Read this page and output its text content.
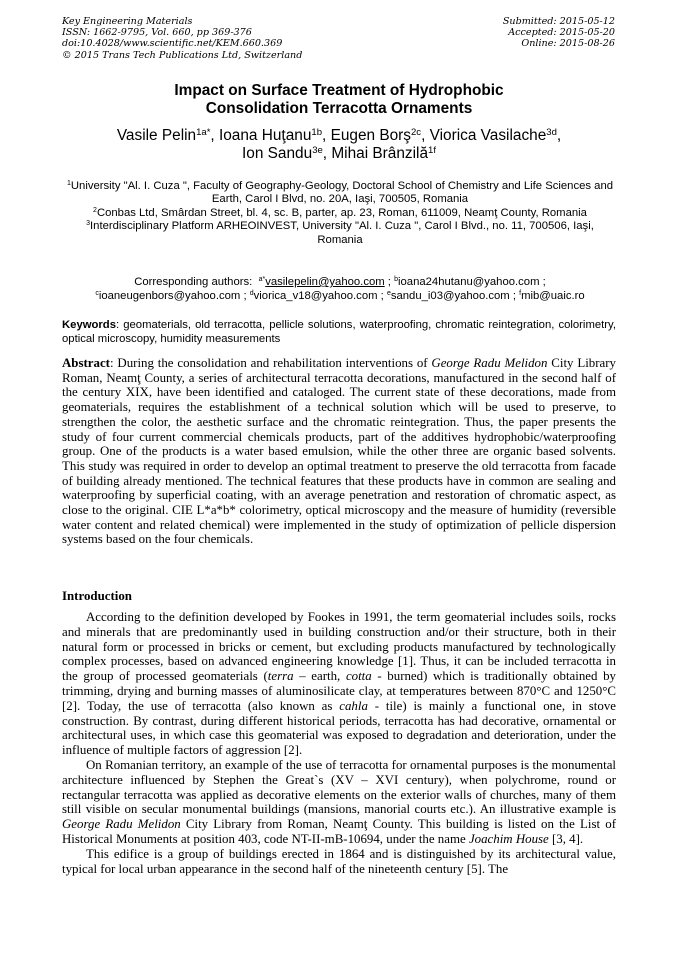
Key Engineering Materials
ISSN: 1662-9795, Vol. 660, pp 369-376
doi:10.4028/www.scientific.net/KEM.660.369
© 2015 Trans Tech Publications Ltd, Switzerland
Submitted: 2015-05-12
Accepted: 2015-05-20
Online: 2015-08-26
Impact on Surface Treatment of Hydrophobic
Consolidation Terracotta Ornaments
Vasile Pelin$^{1a*}$, Ioana Huţanu$^{1b}$, Eugen Borş$^{2c}$, Viorica Vasilache$^{3d}$,
Ion Sandu$^{3e}$, Mihai Brânzilă$^{1f}$
$^1$University "Al. I. Cuza ", Faculty of Geography-Geology, Doctoral School of Chemistry and Life Sciences and Earth, Carol I Blvd, no. 20A, Iaşi, 700505, Romania
$^2$Conbas Ltd, Smârdan Street, bl. 4, sc. B, parter, ap. 23, Roman, 611009, Neamţ County, Romania
$^3$Interdisciplinary Platform ARHEOINVEST, University "Al. I. Cuza ", Carol I Blvd., no. 11, 700506, Iaşi, Romania
Corresponding authors: $^{a*}$vasilepelin@yahoo.com ; $^b$ioana24hutanu@yahoo.com ;
$^c$ioaneugenbors@yahoo.com ; $^d$viorica_v18@yahoo.com ; $^e$sandu_i03@yahoo.com ; $^f$mib@uaic.ro
Keywords: geomaterials, old terracotta, pellicle solutions, waterproofing, chromatic reintegration, colorimetry, optical microscopy, humidity measurements
Abstract: During the consolidation and rehabilitation interventions of George Radu Melidon City Library Roman, Neamţ County, a series of architectural terracotta decorations, manufactured in the second half of the century XIX, have been identified and cataloged. The current state of these decorations, made from geomaterials, requires the establishment of a technical solution which will be used to preserve, to strengthen the color, the aesthetic surface and the chromatic reintegration. Thus, the paper presents the study of four current commercial chemicals products, part of the additives hydrophobic/waterproofing group. One of the products is a water based emulsion, while the other three are organic based solvents. This study was required in order to develop an optimal treatment to preserve the old terracotta from facade of building already mentioned. The technical features that these products have in common are sealing and waterproofing by superficial coating, with an average penetration and restoration of chromatic aspect, as close to the original. CIE L*a*b* colorimetry, optical microscopy and the measure of humidity (reversible water content and related chemical) were implemented in the study of optimization of pellicle dispersion systems based on the four chemicals.
Introduction

According to the definition developed by Fookes in 1991, the term geomaterial includes soils, rocks and minerals that are predominantly used in building construction and/or their structure, both in their natural form or processed in bricks or cement, but excluding products manufactured by technologically complex processes, based on advanced engineering knowledge [1]. Thus, it can be included terracotta in the group of processed geomaterials (terra – earth, cotta - burned) which is traditionally obtained by trimming, drying and burning masses of aluminosilicate clay, at temperatures between 870°C and 1250°C [2]. Today, the use of terracotta (also known as cahla - tile) is mainly a functional one, in stove construction. By contrast, during different historical periods, terracotta has had decorative, ornamental or architectural uses, in which case this geomaterial was exposed to degradation and deterioration, under the influence of multiple factors of aggression [2].

On Romanian territory, an example of the use of terracotta for ornamental purposes is the monumental architecture influenced by Stephen the Great`s (XV – XVI century), when polychrome, round or rectangular terracotta was applied as decorative elements on the exterior walls of churches, many of them still visible on secular monumental buildings (mansions, manorial courts etc.). An illustrative example is George Radu Melidon City Library from Roman, Neamţ County. This building is listed on the List of Historical Monuments at position 403, code NT-II-mB-10694, under the name Joachim House [3, 4].

This edifice is a group of buildings erected in 1864 and is distinguished by its architectural value, typical for local urban appearance in the second half of the nineteenth century [5]. The
